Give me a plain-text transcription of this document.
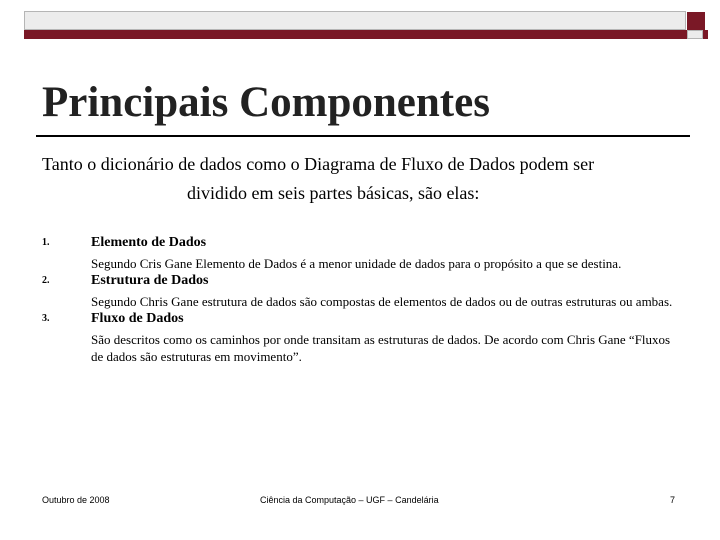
Principais Componentes
Tanto o dicionário de dados como o Diagrama de Fluxo de Dados podem ser
dividido em seis partes básicas, são elas:
1.	Elemento de Dados
Segundo Cris Gane Elemento de Dados é a menor unidade de dados para o propósito a que se destina.
2.	Estrutura de Dados
Segundo Chris Gane estrutura de dados são compostas de elementos de dados ou de outras estruturas ou ambas.
3.	Fluxo de Dados
São descritos como os caminhos por onde transitam as estruturas de dados. De acordo com Chris Gane “Fluxos de dados são estruturas em movimento”.
Outubro de 2008	Ciência da Computação – UGF – Candelária	7
